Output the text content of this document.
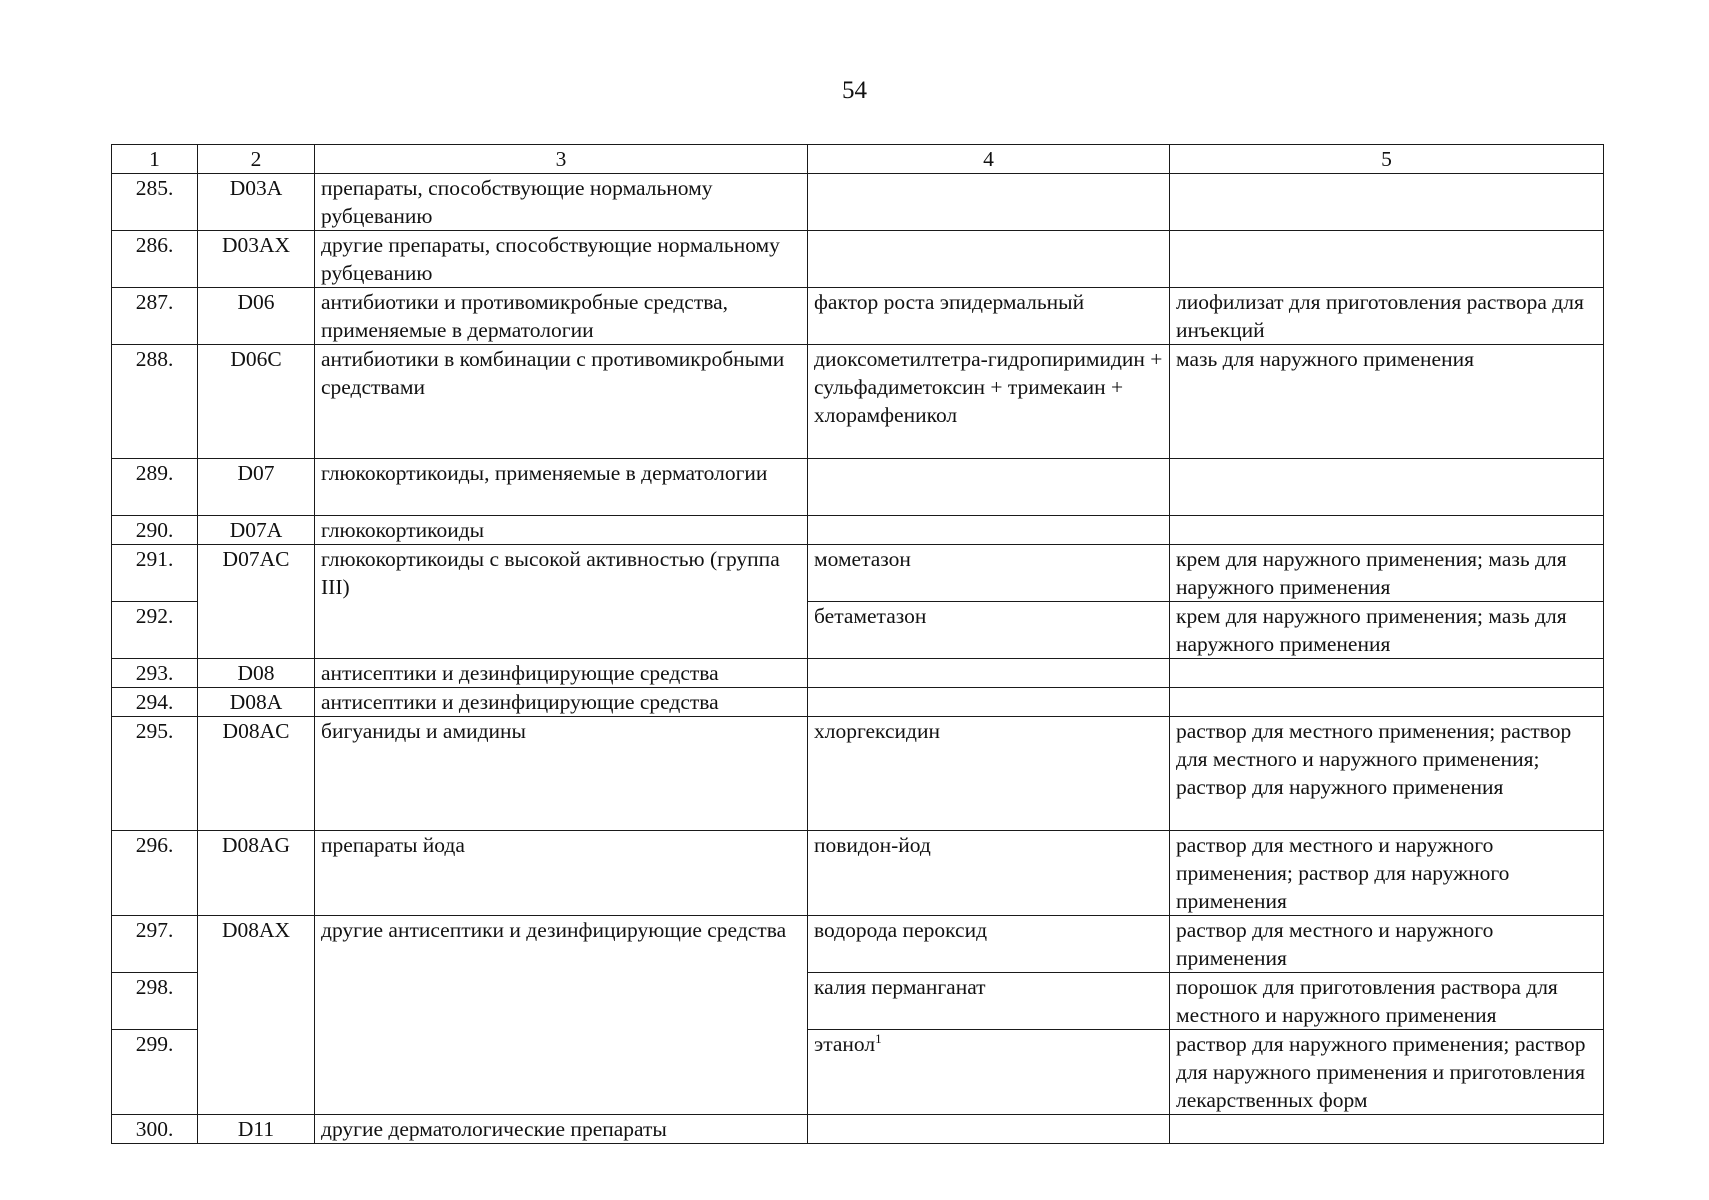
54
1	2	3	4	5
285.	D03A	препараты, способствующие нормальному рубцеванию		
286.	D03AX	другие препараты, способствующие нормальному рубцеванию		
287.	D06	антибиотики и противомикробные средства, применяемые в дерматологии	фактор роста эпидермальный	лиофилизат для приготовления раствора для инъекций
288.	D06C	антибиотики в комбинации с противомикробными средствами	диоксометилтетра-гидропиримидин + сульфадиметоксин + тримекаин + хлорамфеникол	мазь для наружного применения
289.	D07	глюкокортикоиды, применяемые в дерматологии		
290.	D07A	глюкокортикоиды		
291.	D07AC	глюкокортикоиды с высокой активностью (группа III)	мометазон	крем для наружного применения; мазь для наружного применения
292.			бетаметазон	крем для наружного применения; мазь для наружного применения
293.	D08	антисептики и дезинфицирующие средства		
294.	D08A	антисептики и дезинфицирующие средства		
295.	D08AC	бигуаниды и амидины	хлоргексидин	раствор для местного применения; раствор для местного и наружного применения; раствор для наружного применения
296.	D08AG	препараты йода	повидон-йод	раствор для местного и наружного применения; раствор для наружного применения
297.	D08AX	другие антисептики и дезинфицирующие средства	водорода пероксид	раствор для местного и наружного применения
298.			калия перманганат	порошок для приготовления раствора для местного и наружного применения
299.			этанол$^1$	раствор для наружного применения; раствор для наружного применения и приготовления лекарственных форм
300.	D11	другие дерматологические препараты		
